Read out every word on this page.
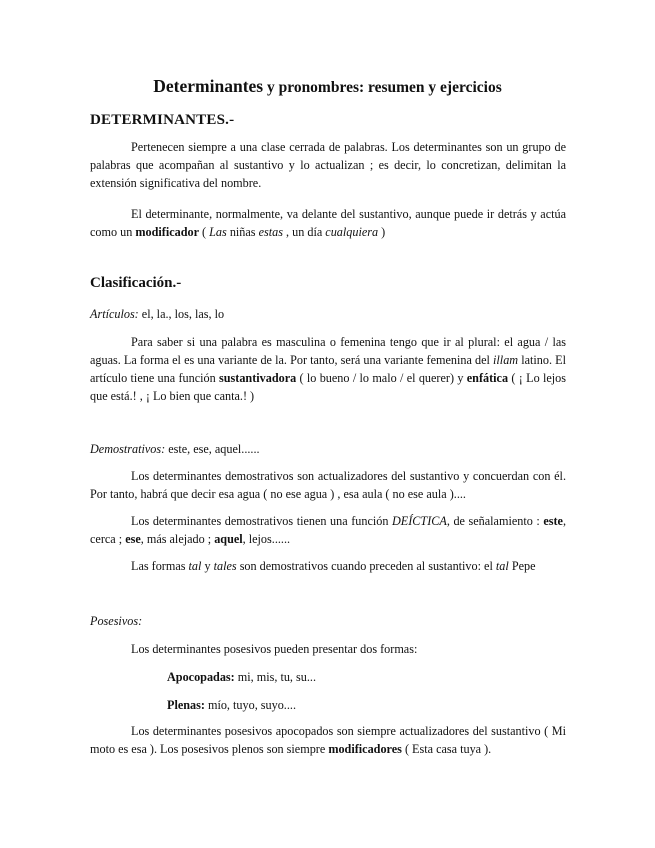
Determinantes y pronombres: resumen y ejercicios
DETERMINANTES.-
Pertenecen siempre a una clase cerrada de palabras. Los determinantes son un grupo de palabras que acompañan al sustantivo y lo actualizan ; es decir, lo concretizan, delimitan la extensión significativa del nombre.
El determinante, normalmente, va delante del sustantivo, aunque puede ir detrás y actúa como un modificador ( Las niñas estas , un día cualquiera )
Clasificación.-
Artículos: el, la., los, las, lo
Para saber si una palabra es masculina o femenina tengo que ir al plural: el agua / las aguas. La forma el es una variante de la. Por tanto, será una variante femenina del illam latino. El artículo tiene una función sustantivadora ( lo bueno / lo malo / el querer) y enfática ( ¡ Lo lejos que está.! , ¡ Lo bien que canta.! )
Demostrativos: este, ese, aquel......
Los determinantes demostrativos son actualizadores del sustantivo y concuerdan con él. Por tanto, habrá que decir esa agua ( no ese agua ) , esa aula ( no ese aula )....
Los determinantes demostrativos tienen una función DEÍCTICA, de señalamiento : este, cerca ; ese, más alejado ; aquel, lejos......
Las formas tal y tales son demostrativos cuando preceden al sustantivo: el tal Pepe
Posesivos:
Los determinantes posesivos pueden presentar dos formas:
Apocopadas: mi, mis, tu, su...
Plenas: mío, tuyo, suyo....
Los determinantes posesivos apocopados son siempre actualizadores del sustantivo ( Mi moto es esa ). Los posesivos plenos son siempre modificadores ( Esta casa tuya ).
